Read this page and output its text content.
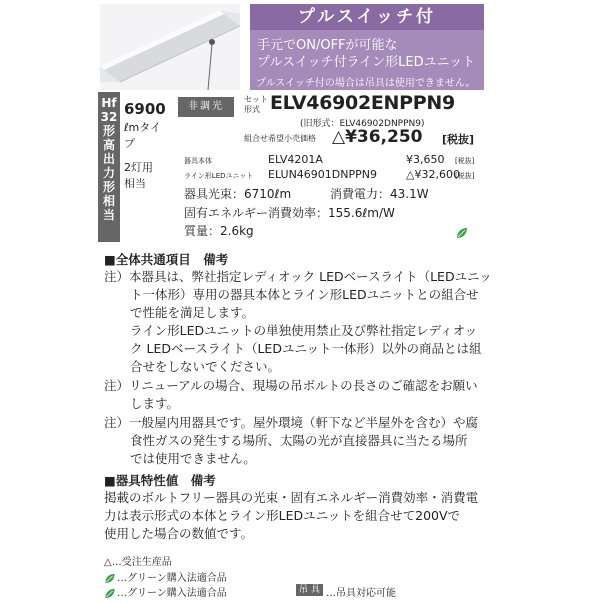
プルスイッチ付
手元でON/OFFが可能な
プルスイッチ付ライン形LEDユニット
プルスイッチ付の場合は吊具は使用できません。
Hf
32
形
高
出
力
形
相
当
6900
ℓmタイプ
2灯用
相当
非調光
セット
形式 ELV46902ENPPN9
(旧形式：ELV46902DNPPN9)
組合せ希望小売価格 △¥36,250 [税抜]
器具本体	ELV4201A	¥3,650 [税抜]
ライン形LEDユニット ELUN46901DNPPN9	△¥32,600
[税抜]
器具光束：6710ℓm	消費電力：43.1W
固有エネルギー消費効率：155.6ℓm/W
質量：2.6kg
■全体共通項目　備考
注）本器具は、弊社指定レディオック LEDベースライト（LEDユニッ
ト一体形）専用の器具本体とライン形LEDユニットとの組合せ
で性能を満足します。
ライン形LEDユニットの単独使用禁止及び弊社指定レディオッ
ク LEDベースライト（LEDユニット一体形）以外の商品とは組
合せをしないでください。
注）リニューアルの場合、現場の吊ボルトの長さのご確認をお願い
します。
注）一般屋内用器具です。屋外環境（軒下など半屋外を含む）や腐
食性ガスの発生する場所、太陽の光が直接器具に当たる場所
では使用できません。
■器具特性値　備考
掲載のボルトフリー器具の光束・固有エネルギー消費効率・消費電
力は表示形式の本体とライン形LEDユニットを組合せて200Vで
使用した場合の数値です。
△…受注生産品
…グリーン購入法適合品
…グリーン購入法適合品	吊 具 …吊具対応可能
